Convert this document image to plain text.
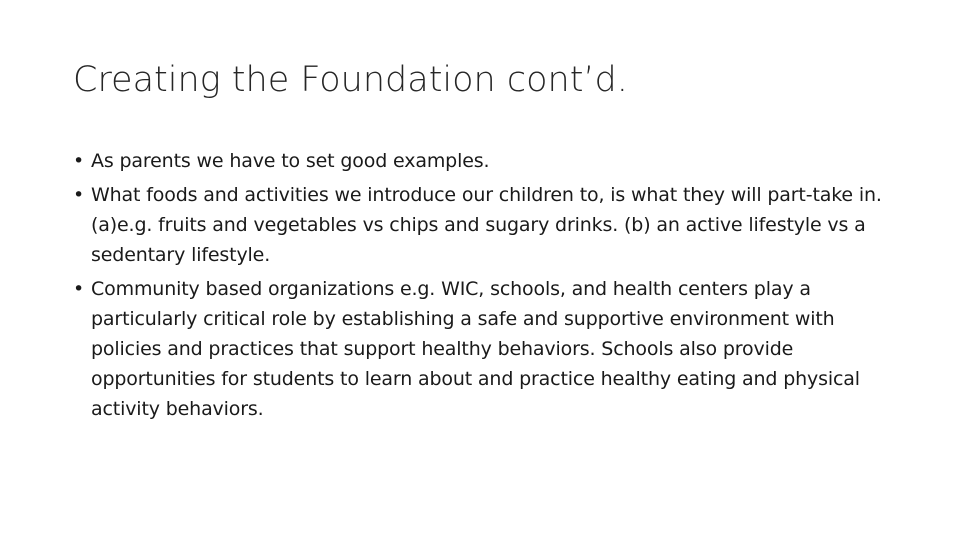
Creating the Foundation cont’d.
• As parents we have to set good examples.
• What foods and activities we introduce our children to, is what they will part-take in. (a)e.g. fruits and vegetables vs chips and sugary drinks. (b) an active lifestyle vs a sedentary lifestyle.
• Community based organizations e.g. WIC, schools, and health centers play a particularly critical role by establishing a safe and supportive environment with policies and practices that support healthy behaviors. Schools also provide opportunities for students to learn about and practice healthy eating and physical activity behaviors.
